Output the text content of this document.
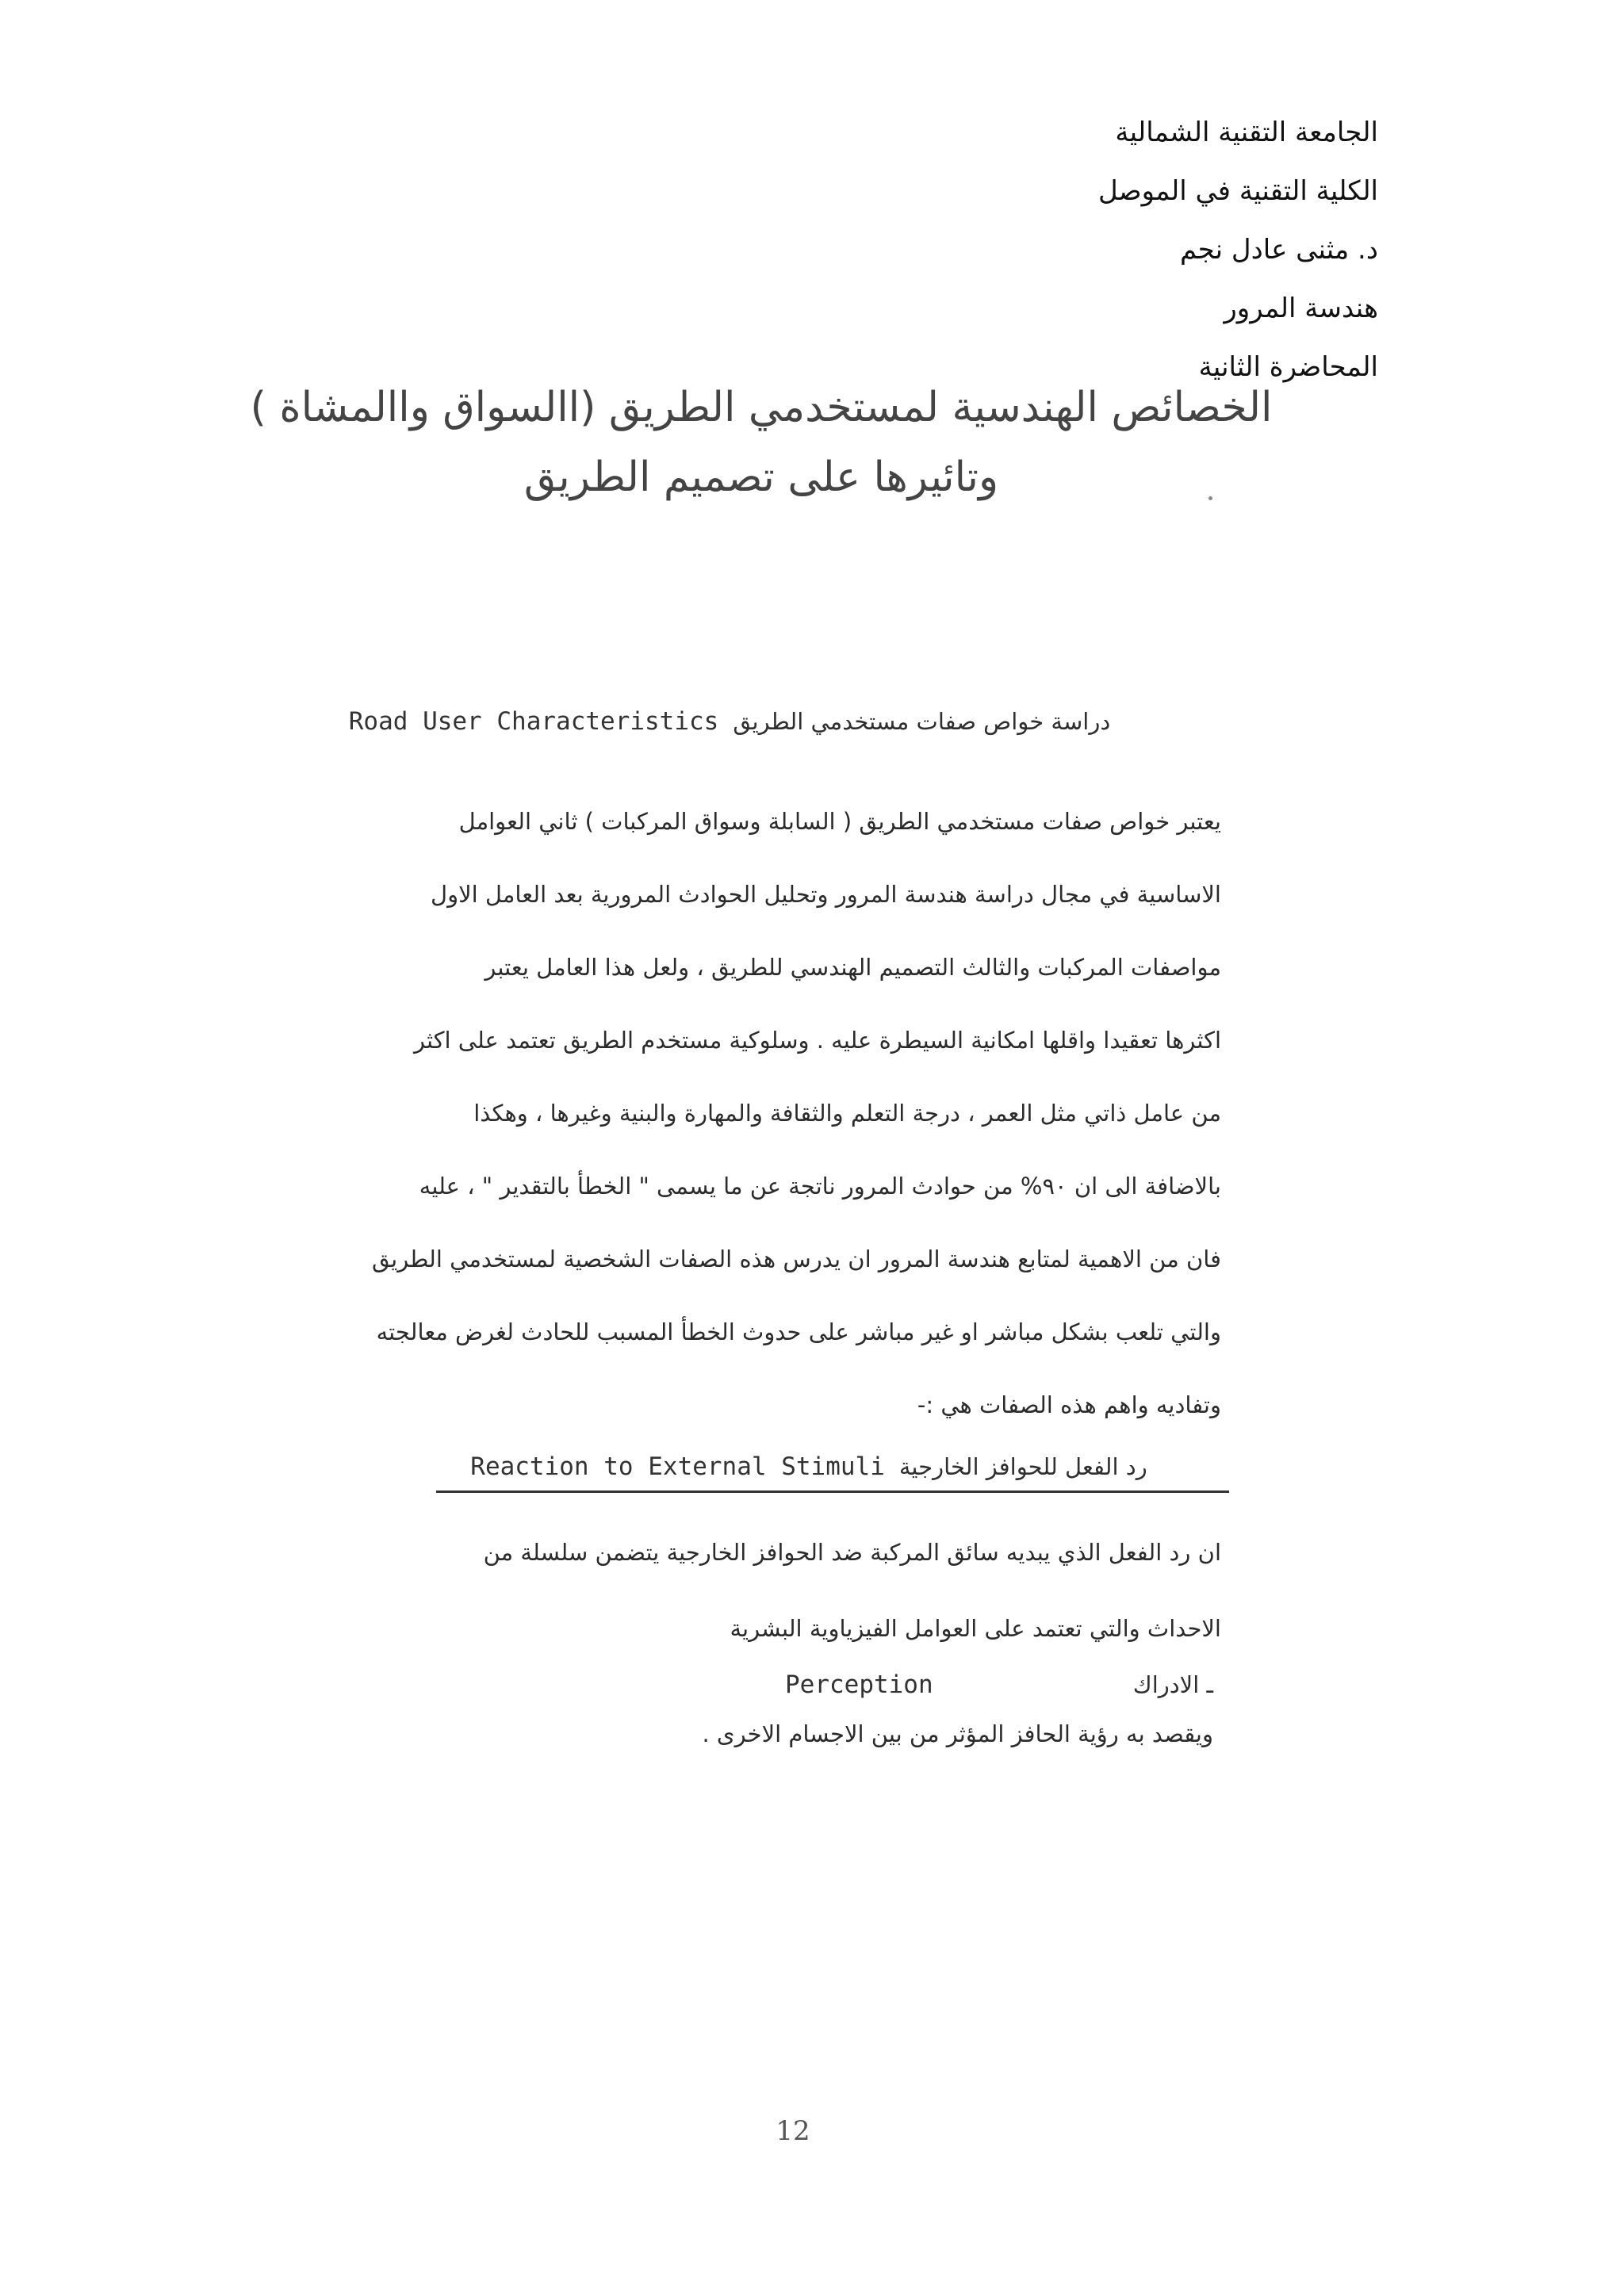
الجامعة التقنية الشمالية
الكلية التقنية في الموصل
د. مثنى عادل نجم
هندسة المرور
المحاضرة الثانية
الخصائص الهندسية لمستخدمي الطريق (االسواق واالمشاة )
وتائيرها على تصميم الطريق
Road User Characteristics دراسة خواص صفات مستخدمي الطريق
يعتبر خواص صفات مستخدمي الطريق ( السابلة وسواق المركبات ) ثاني العوامل
الاساسية في مجال دراسة هندسة المرور وتحليل الحوادث المرورية بعد العامل الاول
مواصفات المركبات والثالث التصميم الهندسي للطريق ، ولعل هذا العامل يعتبر
اكثرها تعقيدا واقلها امكانية السيطرة عليه . وسلوكية مستخدم الطريق تعتمد على اكثر
من عامل ذاتي مثل العمر ، درجة التعلم والثقافة والمهارة والبنية وغيرها ، وهكذا
بالاضافة الى ان ٩٠% من حوادث المرور ناتجة عن ما يسمى " الخطأ بالتقدير " ، عليه
فان من الاهمية لمتابع هندسة المرور ان يدرس هذه الصفات الشخصية لمستخدمي الطريق
والتي تلعب بشكل مباشر او غير مباشر على حدوث الخطأ المسبب للحادث لغرض معالجته
وتفاديه واهم هذه الصفات هي :-
Reaction to External Stimuli رد الفعل للحوافز الخارجية
ان رد الفعل الذي يبديه سائق المركبة ضد الحوافز الخارجية يتضمن سلسلة من
الاحداث والتي تعتمد على العوامل الفيزياوية البشرية
Perception	ـ الادراك
ويقصد به رؤية الحافز المؤثر من بين الاجسام الاخرى .
12
